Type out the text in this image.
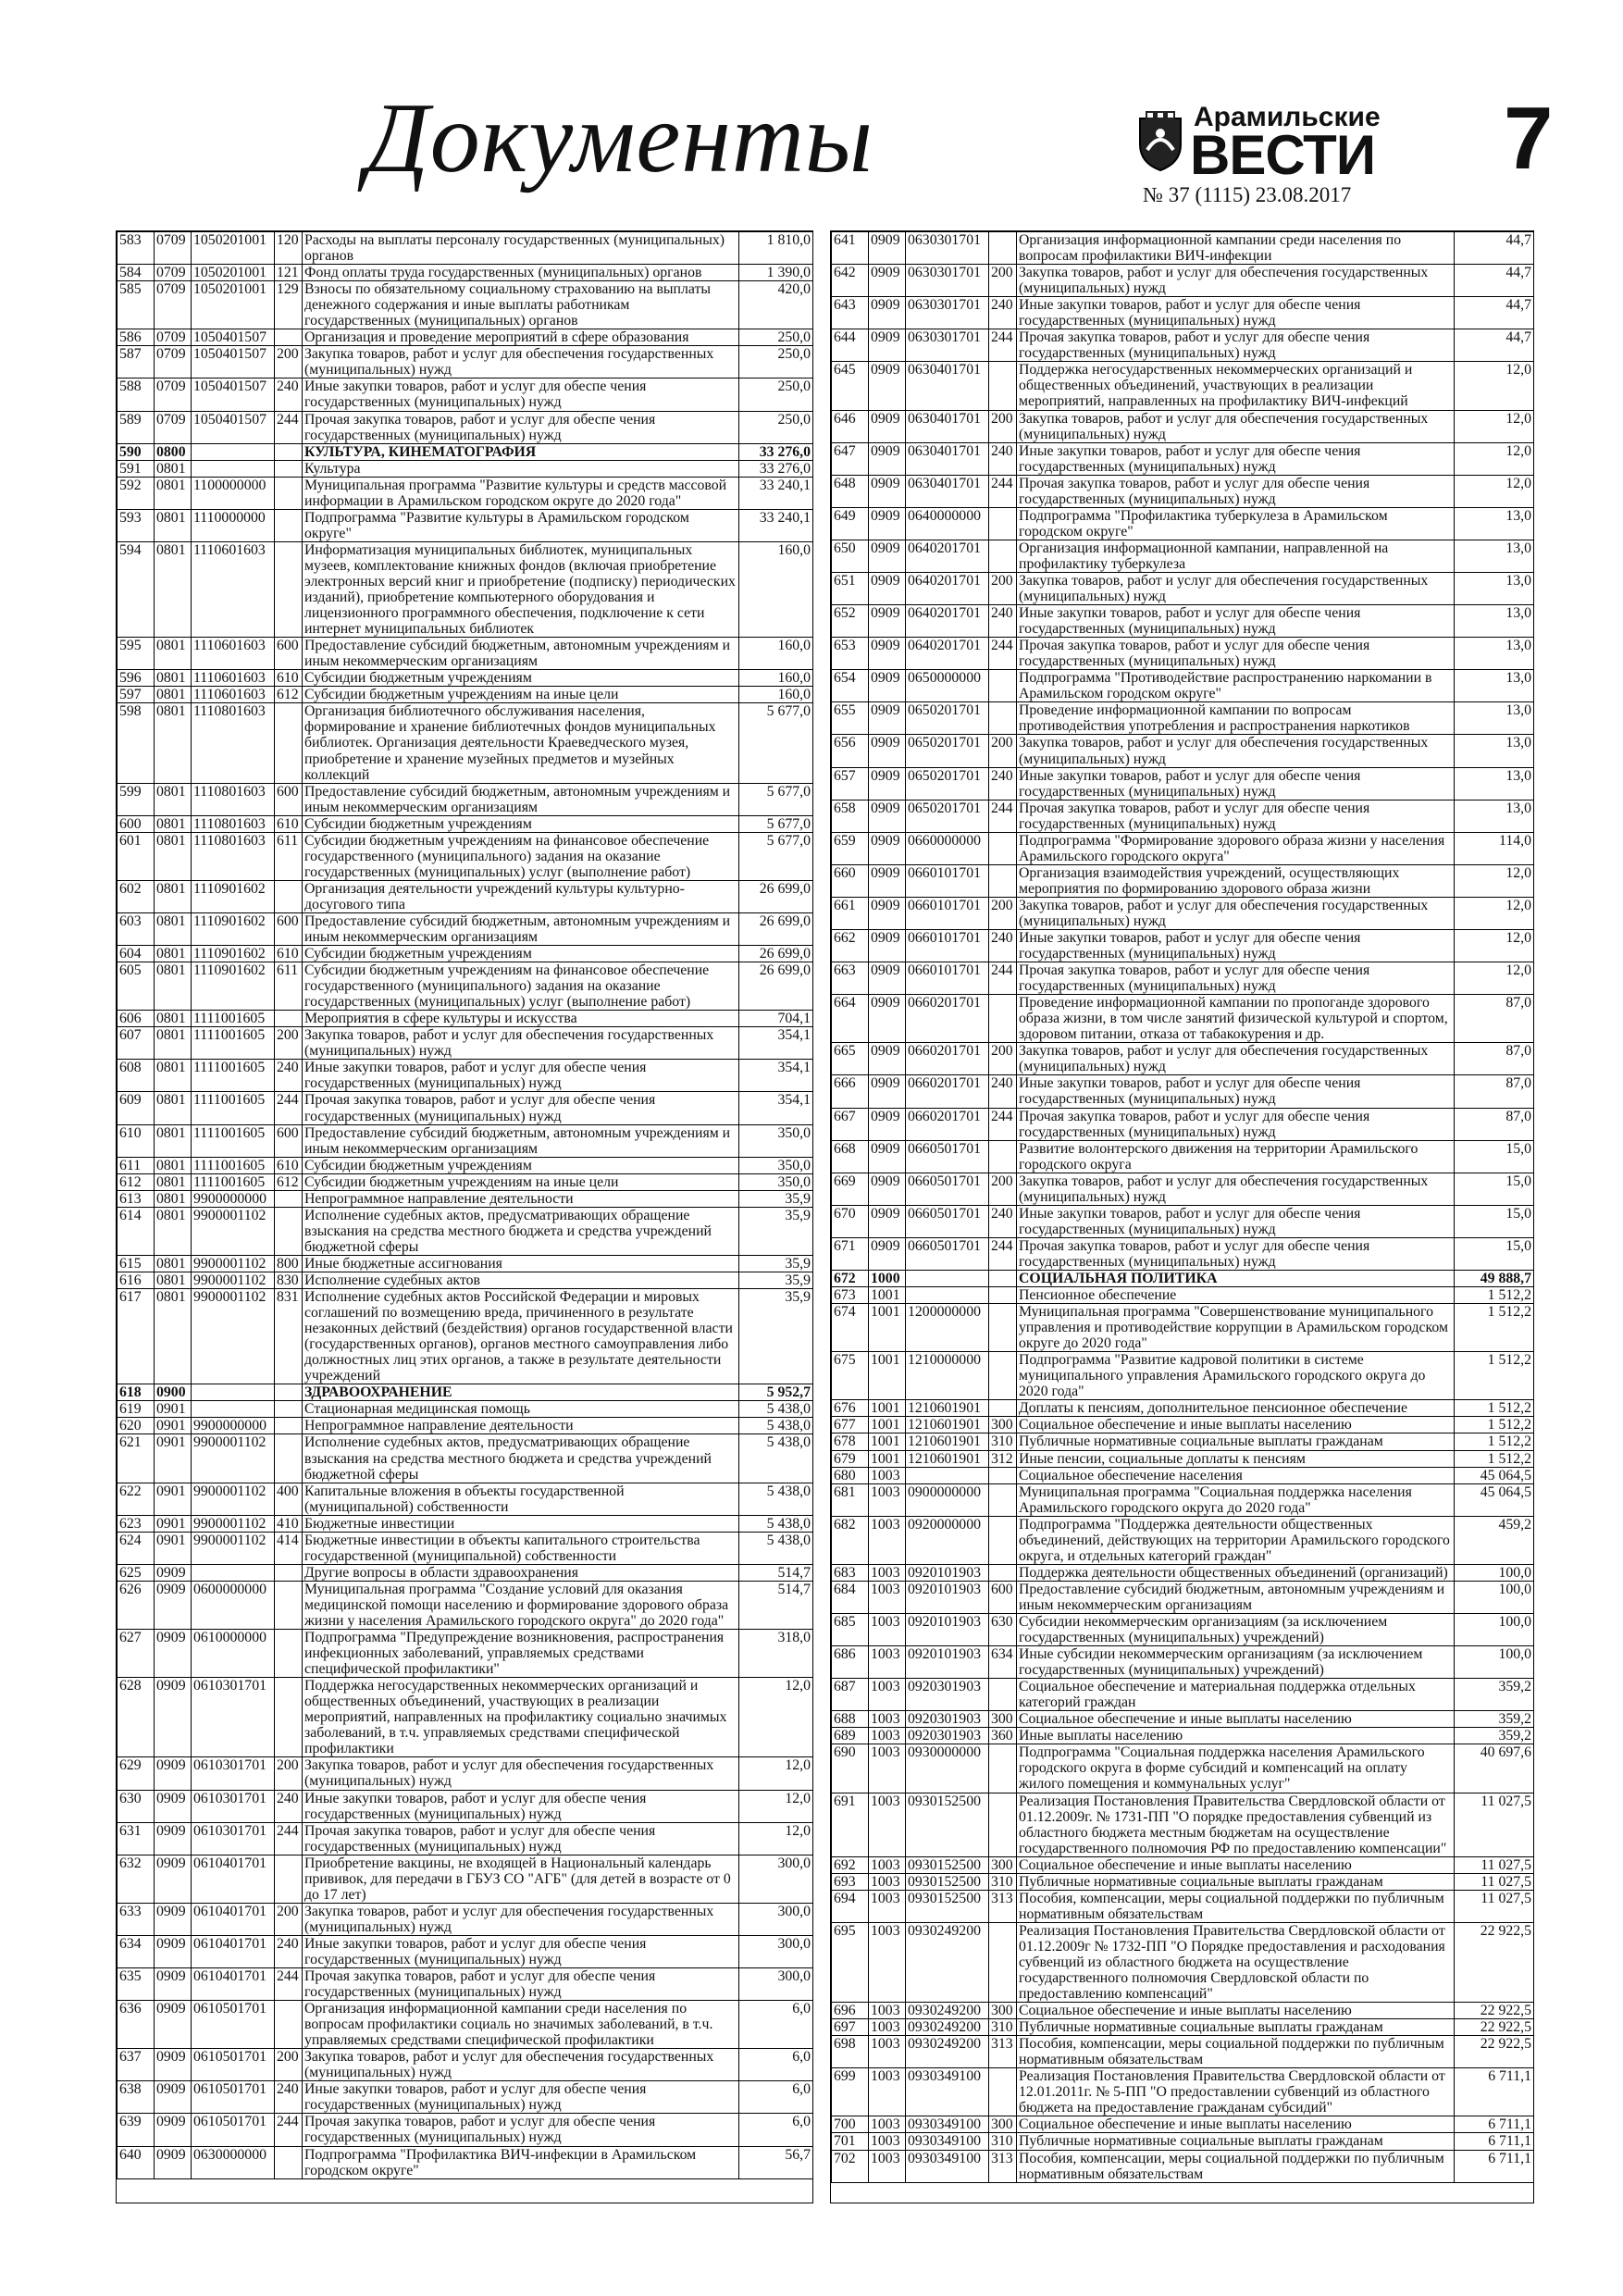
Документы	Арамильские
ВЕСТИ
№ 37 (1115) 23.08.2017
7
583	0709	1050201001	120	Расходы на выплаты персоналу государственных (муниципальных) органов	1 810,0
584	0709	1050201001	121	Фонд оплаты труда государственных (муниципальных) органов	1 390,0
585	0709	1050201001	129	Взносы по обязательному социальному страхованию на выплаты денежного содержания и иные выплаты работникам государственных (муниципальных) органов	420,0
586	0709	1050401507		Организация и проведение мероприятий в сфере образования	250,0
587	0709	1050401507	200	Закупка товаров, работ и услуг для обеспечения государственных (муниципальных) нужд	250,0
588	0709	1050401507	240	Иные закупки товаров, работ и услуг для обеспе чения государственных (муниципальных) нужд	250,0
589	0709	1050401507	244	Прочая закупка товаров, работ и услуг для обеспе чения государственных (муниципальных) нужд	250,0
590	0800			КУЛЬТУРА, КИНЕМАТОГРАФИЯ	33 276,0
591	0801			Культура	33 276,0
592	0801	1100000000		Муниципальная программа "Развитие культуры и средств массовой информации в Арамильском городском округе до 2020 года"	33 240,1
593	0801	1110000000		Подпрограмма "Развитие культуры в Арамильском городском округе"	33 240,1
594	0801	1110601603		Информатизация муниципальных библиотек, муниципальных музеев, комплектование книжных фондов (включая приобретение электронных версий книг и приобретение (подписку) периодических изданий), приобретение компьютерного оборудования и лицензионного программного обеспечения, подключение к сети интернет муниципальных библиотек	160,0
595	0801	1110601603	600	Предоставление субсидий бюджетным, автономным учреждениям и иным некоммерческим организациям	160,0
596	0801	1110601603	610	Субсидии бюджетным учреждениям	160,0
597	0801	1110601603	612	Субсидии бюджетным учреждениям на иные цели	160,0
598	0801	1110801603		Организация библиотечного обслуживания населения, формирование и хранение библиотечных фондов муниципальных библиотек. Организация деятельности Краеведческого музея, приобретение и хранение музейных предметов и музейных коллекций	5 677,0
599	0801	1110801603	600	Предоставление субсидий бюджетным, автономным учреждениям и иным некоммерческим организациям	5 677,0
600	0801	1110801603	610	Субсидии бюджетным учреждениям	5 677,0
601	0801	1110801603	611	Субсидии бюджетным учреждениям на финансовое обеспечение государственного (муниципального) задания на оказание государственных (муниципальных) услуг (выполнение работ)	5 677,0
602	0801	1110901602		Организация деятельности учреждений культуры культурно-досугового типа	26 699,0
603	0801	1110901602	600	Предоставление субсидий бюджетным, автономным учреждениям и иным некоммерческим организациям	26 699,0
604	0801	1110901602	610	Субсидии бюджетным учреждениям	26 699,0
605	0801	1110901602	611	Субсидии бюджетным учреждениям на финансовое обеспечение государственного (муниципального) задания на оказание государственных (муниципальных) услуг (выполнение работ)	26 699,0
606	0801	1111001605		Мероприятия в сфере культуры и искусства	704,1
607	0801	1111001605	200	Закупка товаров, работ и услуг для обеспечения государственных (муниципальных) нужд	354,1
608	0801	1111001605	240	Иные закупки товаров, работ и услуг для обеспе чения государственных (муниципальных) нужд	354,1
609	0801	1111001605	244	Прочая закупка товаров, работ и услуг для обеспе чения государственных (муниципальных) нужд	354,1
610	0801	1111001605	600	Предоставление субсидий бюджетным, автономным учреждениям и иным некоммерческим организациям	350,0
611	0801	1111001605	610	Субсидии бюджетным учреждениям	350,0
612	0801	1111001605	612	Субсидии бюджетным учреждениям на иные цели	350,0
613	0801	9900000000		Непрограммное направление деятельности	35,9
614	0801	9900001102		Исполнение судебных актов, предусматривающих обращение взыскания на средства местного бюджета и средства учреждений бюджетной сферы	35,9
615	0801	9900001102	800	Иные бюджетные ассигнования	35,9
616	0801	9900001102	830	Исполнение судебных актов	35,9
617	0801	9900001102	831	Исполнение судебных актов Российской Федерации и мировых соглашений по возмещению вреда, причиненного в результате незаконных действий (бездействия) органов государственной власти (государственных органов), органов местного самоуправления либо должностных лиц этих органов, а также в результате деятельности учреждений	35,9
618	0900			ЗДРАВООХРАНЕНИЕ	5 952,7
619	0901			Стационарная медицинская помощь	5 438,0
620	0901	9900000000		Непрограммное направление деятельности	5 438,0
621	0901	9900001102		Исполнение судебных актов, предусматривающих обращение взыскания на средства местного бюджета и средства учреждений бюджетной сферы	5 438,0
622	0901	9900001102	400	Капитальные вложения в объекты государственной (муниципальной) собственности	5 438,0
623	0901	9900001102	410	Бюджетные инвестиции	5 438,0
624	0901	9900001102	414	Бюджетные инвестиции в объекты капитального строительства государственной (муниципальной) собственности	5 438,0
625	0909			Другие вопросы в области здравоохранения	514,7
626	0909	0600000000		Муниципальная программа "Создание условий для оказания медицинской помощи населению и формирование здорового образа жизни у населения Арамильского городского округа" до 2020 года"	514,7
627	0909	0610000000		Подпрограмма "Предупреждение возникновения, распространения инфекционных заболеваний, управляемых средствами специфической профилактики"	318,0
628	0909	0610301701		Поддержка негосударственных некоммерческих организаций и общественных объединений, участвующих в реализации мероприятий, направленных на профилактику социально значимых заболеваний, в т.ч. управляемых средствами специфической профилактики	12,0
629	0909	0610301701	200	Закупка товаров, работ и услуг для обеспечения государственных (муниципальных) нужд	12,0
630	0909	0610301701	240	Иные закупки товаров, работ и услуг для обеспе чения государственных (муниципальных) нужд	12,0
631	0909	0610301701	244	Прочая закупка товаров, работ и услуг для обеспе чения государственных (муниципальных) нужд	12,0
632	0909	0610401701		Приобретение вакцины, не входящей в Национальный календарь прививок, для передачи в ГБУЗ СО "АГБ" (для детей в возрасте от 0 до 17 лет)	300,0
633	0909	0610401701	200	Закупка товаров, работ и услуг для обеспечения государственных (муниципальных) нужд	300,0
634	0909	0610401701	240	Иные закупки товаров, работ и услуг для обеспе чения государственных (муниципальных) нужд	300,0
635	0909	0610401701	244	Прочая закупка товаров, работ и услуг для обеспе чения государственных (муниципальных) нужд	300,0
636	0909	0610501701		Организация информационной кампании среди населения по вопросам профилактики социаль но значимых заболеваний, в т.ч. управляемых средствами специфической профилактики	6,0
637	0909	0610501701	200	Закупка товаров, работ и услуг для обеспечения государственных (муниципальных) нужд	6,0
638	0909	0610501701	240	Иные закупки товаров, работ и услуг для обеспе чения государственных (муниципальных) нужд	6,0
639	0909	0610501701	244	Прочая закупка товаров, работ и услуг для обеспе чения государственных (муниципальных) нужд	6,0
640	0909	0630000000		Подпрограмма "Профилактика ВИЧ-инфекции в Арамильском городском округе"	56,7
641	0909	0630301701		Организация информационной кампании среди населения по вопросам профилактики ВИЧ-инфекции	44,7
642	0909	0630301701	200	Закупка товаров, работ и услуг для обеспечения государственных (муниципальных) нужд	44,7
643	0909	0630301701	240	Иные закупки товаров, работ и услуг для обеспе чения государственных (муниципальных) нужд	44,7
644	0909	0630301701	244	Прочая закупка товаров, работ и услуг для обеспе чения государственных (муниципальных) нужд	44,7
645	0909	0630401701		Поддержка негосударственных некоммерческих организаций и общественных объединений, участвующих в реализации мероприятий, направленных на профилактику ВИЧ-инфекций	12,0
646	0909	0630401701	200	Закупка товаров, работ и услуг для обеспечения государственных (муниципальных) нужд	12,0
647	0909	0630401701	240	Иные закупки товаров, работ и услуг для обеспе чения государственных (муниципальных) нужд	12,0
648	0909	0630401701	244	Прочая закупка товаров, работ и услуг для обеспе чения государственных (муниципальных) нужд	12,0
649	0909	0640000000		Подпрограмма "Профилактика туберкулеза в Арамильском городском округе"	13,0
650	0909	0640201701		Организация информационной кампании, направленной на профилактику туберкулеза	13,0
651	0909	0640201701	200	Закупка товаров, работ и услуг для обеспечения государственных (муниципальных) нужд	13,0
652	0909	0640201701	240	Иные закупки товаров, работ и услуг для обеспе чения государственных (муниципальных) нужд	13,0
653	0909	0640201701	244	Прочая закупка товаров, работ и услуг для обеспе чения государственных (муниципальных) нужд	13,0
654	0909	0650000000		Подпрограмма "Противодействие распространению наркомании в Арамильском городском округе"	13,0
655	0909	0650201701		Проведение информационной кампании по вопросам противодействия употребления и распространения наркотиков	13,0
656	0909	0650201701	200	Закупка товаров, работ и услуг для обеспечения государственных (муниципальных) нужд	13,0
657	0909	0650201701	240	Иные закупки товаров, работ и услуг для обеспе чения государственных (муниципальных) нужд	13,0
658	0909	0650201701	244	Прочая закупка товаров, работ и услуг для обеспе чения государственных (муниципальных) нужд	13,0
659	0909	0660000000		Подпрограмма "Формирование здорового образа жизни у населения Арамильского городского округа"	114,0
660	0909	0660101701		Организация взаимодействия учреждений, осуществляющих мероприятия по формированию здорового образа жизни	12,0
661	0909	0660101701	200	Закупка товаров, работ и услуг для обеспечения государственных (муниципальных) нужд	12,0
662	0909	0660101701	240	Иные закупки товаров, работ и услуг для обеспе чения государственных (муниципальных) нужд	12,0
663	0909	0660101701	244	Прочая закупка товаров, работ и услуг для обеспе чения государственных (муниципальных) нужд	12,0
664	0909	0660201701		Проведение информационной кампании по пропоганде здорового образа жизни, в том числе занятий физической культурой и спортом, здоровом питании, отказа от табакокурения и др.	87,0
665	0909	0660201701	200	Закупка товаров, работ и услуг для обеспечения государственных (муниципальных) нужд	87,0
666	0909	0660201701	240	Иные закупки товаров, работ и услуг для обеспе чения государственных (муниципальных) нужд	87,0
667	0909	0660201701	244	Прочая закупка товаров, работ и услуг для обеспе чения государственных (муниципальных) нужд	87,0
668	0909	0660501701		Развитие волонтерского движения на территории Арамильского городского округа	15,0
669	0909	0660501701	200	Закупка товаров, работ и услуг для обеспечения государственных (муниципальных) нужд	15,0
670	0909	0660501701	240	Иные закупки товаров, работ и услуг для обеспе чения государственных (муниципальных) нужд	15,0
671	0909	0660501701	244	Прочая закупка товаров, работ и услуг для обеспе чения государственных (муниципальных) нужд	15,0
672	1000			СОЦИАЛЬНАЯ ПОЛИТИКА	49 888,7
673	1001			Пенсионное обеспечение	1 512,2
674	1001	1200000000		Муниципальная программа "Совершенствование муниципального управления и противодействие коррупции в Арамильском городском округе до 2020 года"	1 512,2
675	1001	1210000000		Подпрограмма "Развитие кадровой политики в системе муниципального управления Арамильского городского округа до 2020 года"	1 512,2
676	1001	1210601901		Доплаты к пенсиям, дополнительное пенсионное обеспечение	1 512,2
677	1001	1210601901	300	Социальное обеспечение и иные выплаты населению	1 512,2
678	1001	1210601901	310	Публичные нормативные социальные выплаты гражданам	1 512,2
679	1001	1210601901	312	Иные пенсии, социальные доплаты к пенсиям	1 512,2
680	1003			Социальное обеспечение населения	45 064,5
681	1003	0900000000		Муниципальная программа "Социальная поддержка населения Арамильского городского округа до 2020 года"	45 064,5
682	1003	0920000000		Подпрограмма "Поддержка деятельности общественных объединений, действующих на территории Арамильского городского округа, и отдельных категорий граждан"	459,2
683	1003	0920101903		Поддержка деятельности общественных объединений (организаций)	100,0
684	1003	0920101903	600	Предоставление субсидий бюджетным, автономным учреждениям и иным некоммерческим организациям	100,0
685	1003	0920101903	630	Субсидии некоммерческим организациям (за исключением государственных (муниципальных) учреждений)	100,0
686	1003	0920101903	634	Иные субсидии некоммерческим организациям (за исключением государственных (муниципальных) учреждений)	100,0
687	1003	0920301903		Социальное обеспечение и материальная поддержка отдельных категорий граждан	359,2
688	1003	0920301903	300	Социальное обеспечение и иные выплаты населению	359,2
689	1003	0920301903	360	Иные выплаты населению	359,2
690	1003	0930000000		Подпрограмма "Социальная поддержка населения Арамильского городского округа в форме субсидий и компенсаций на оплату жилого помещения и коммунальных услуг"	40 697,6
691	1003	0930152500		Реализация Постановления Правительства Свердловской области от 01.12.2009г. № 1731-ПП "О порядке предоставления субвенций из областного бюджета местным бюджетам на осуществление государственного полномочия РФ по предоставлению компенсации"	11 027,5
692	1003	0930152500	300	Социальное обеспечение и иные выплаты населению	11 027,5
693	1003	0930152500	310	Публичные нормативные социальные выплаты гражданам	11 027,5
694	1003	0930152500	313	Пособия, компенсации, меры социальной поддержки по публичным нормативным обязательствам	11 027,5
695	1003	0930249200		Реализация Постановления Правительства Свердловской области от 01.12.2009г № 1732-ПП "О Порядке предоставления и расходования субвенций из областного бюджета на осуществление государственного полномочия Свердловской области по предоставлению компенсаций"	22 922,5
696	1003	0930249200	300	Социальное обеспечение и иные выплаты населению	22 922,5
697	1003	0930249200	310	Публичные нормативные социальные выплаты гражданам	22 922,5
698	1003	0930249200	313	Пособия, компенсации, меры социальной поддержки по публичным нормативным обязательствам	22 922,5
699	1003	0930349100		Реализация Постановления Правительства Свердловской области от 12.01.2011г. № 5-ПП "О предоставлении субвенций из областного бюджета на предоставление гражданам субсидий"	6 711,1
700	1003	0930349100	300	Социальное обеспечение и иные выплаты населению	6 711,1
701	1003	0930349100	310	Публичные нормативные социальные выплаты гражданам	6 711,1
702	1003	0930349100	313	Пособия, компенсации, меры социальной поддержки по публичным нормативным обязательствам	6 711,1
